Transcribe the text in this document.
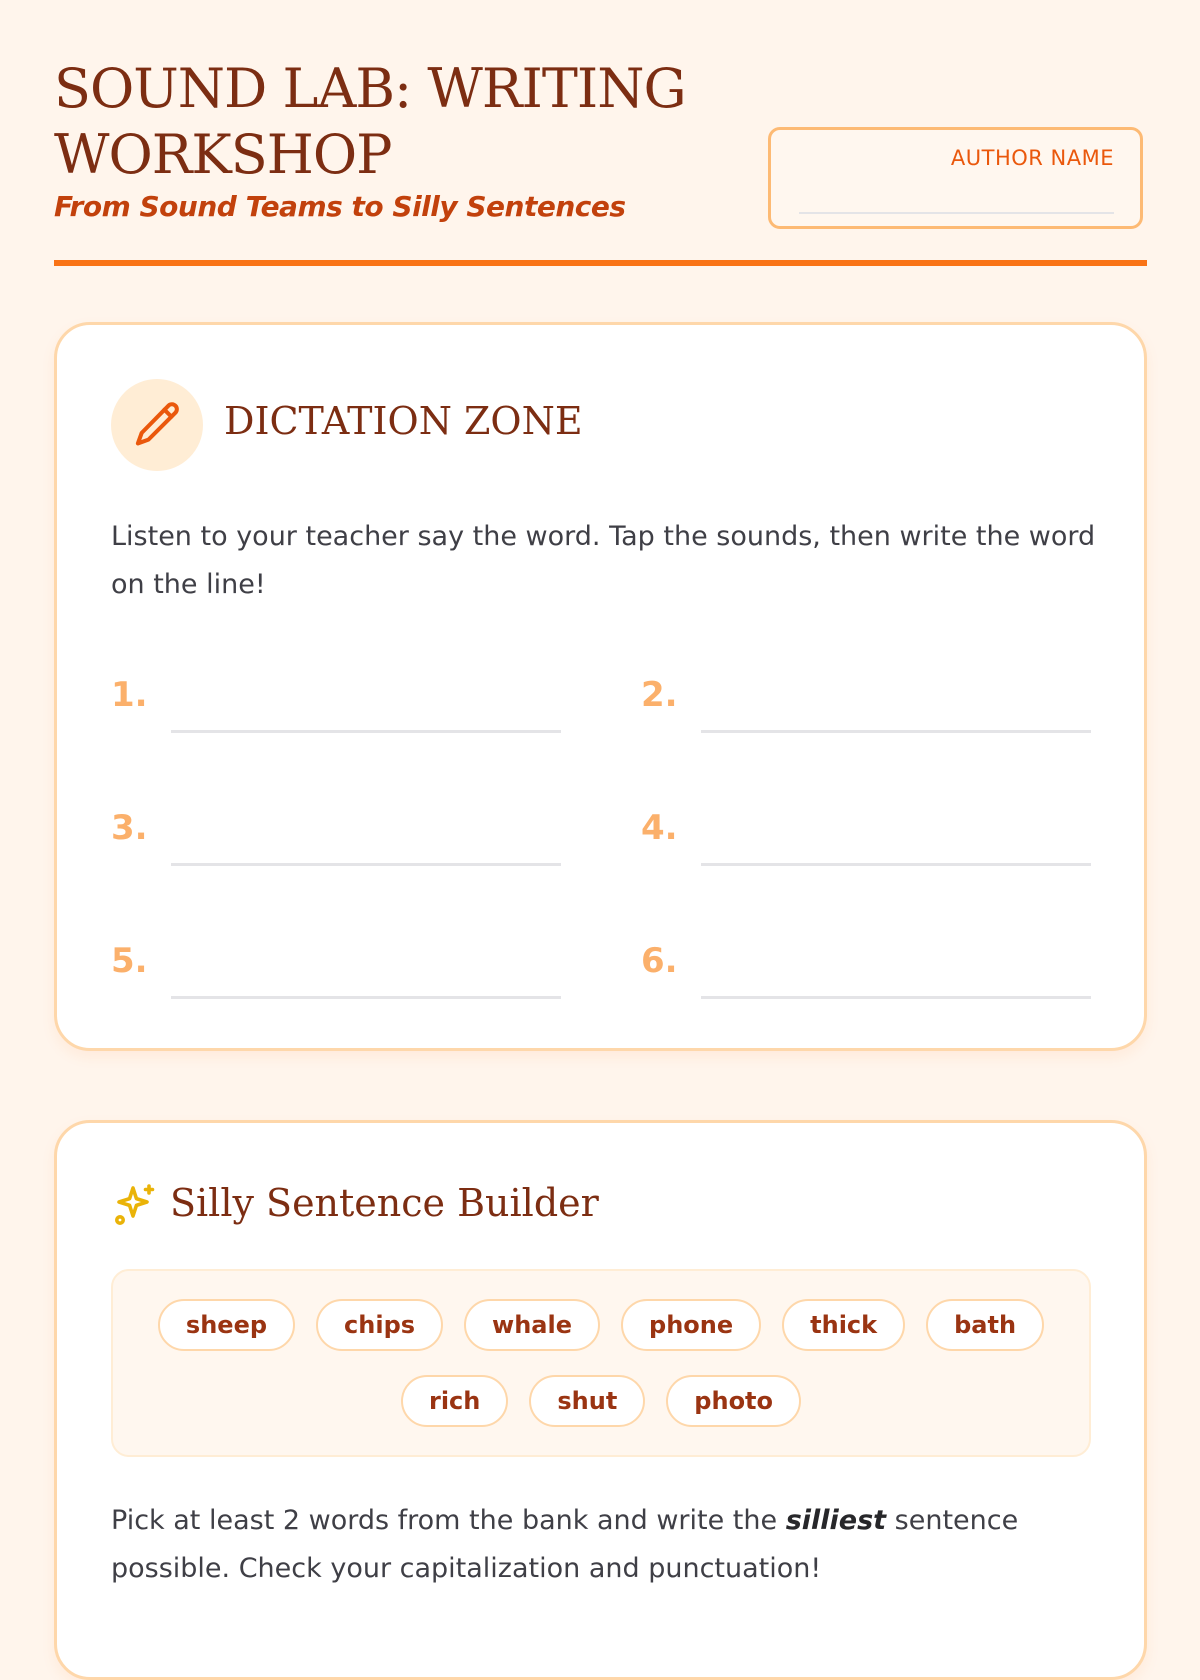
SOUND LAB: WRITING WORKSHOP

From Sound Teams to Silly Sentences

AUTHOR NAME
DICTATION ZONE

Listen to your teacher say the word. Tap the sounds, then write the word on the line!

1.	2.
3.	4.
5.	6.
Silly Sentence Builder
sheep	chips	whale	phone	thick	bath
rich	shut	photo

Pick at least 2 words from the bank and write the silliest sentence possible. Check your capitalization and punctuation!
